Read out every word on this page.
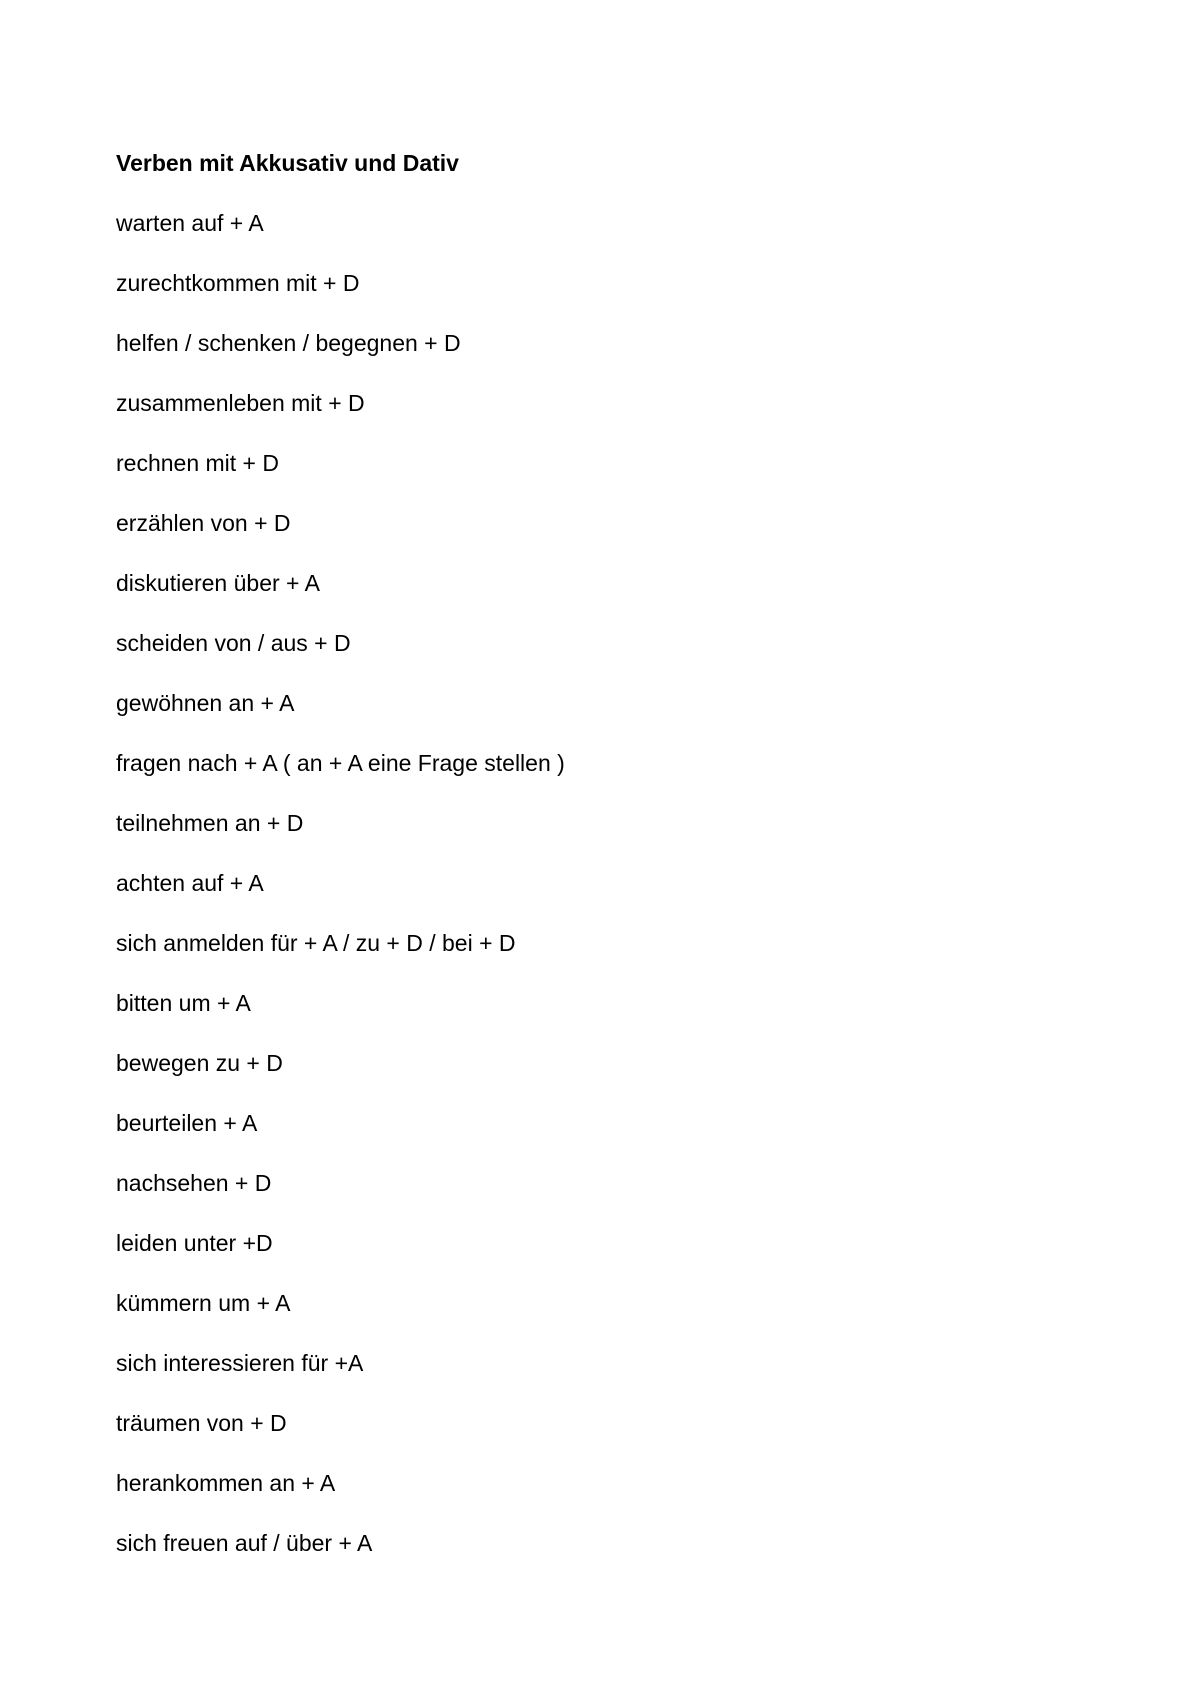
Verben mit Akkusativ und Dativ
warten auf + A
zurechtkommen mit + D
helfen / schenken / begegnen + D
zusammenleben mit + D
rechnen mit + D
erzählen von + D
diskutieren über + A
scheiden von / aus + D
gewöhnen an + A
fragen nach + A ( an + A eine Frage stellen )
teilnehmen an + D
achten auf + A
sich anmelden für + A / zu + D / bei + D
bitten um + A
bewegen zu + D
beurteilen + A
nachsehen + D
leiden unter +D
kümmern um + A
sich interessieren für +A
träumen von + D
herankommen an + A
sich freuen auf / über + A
